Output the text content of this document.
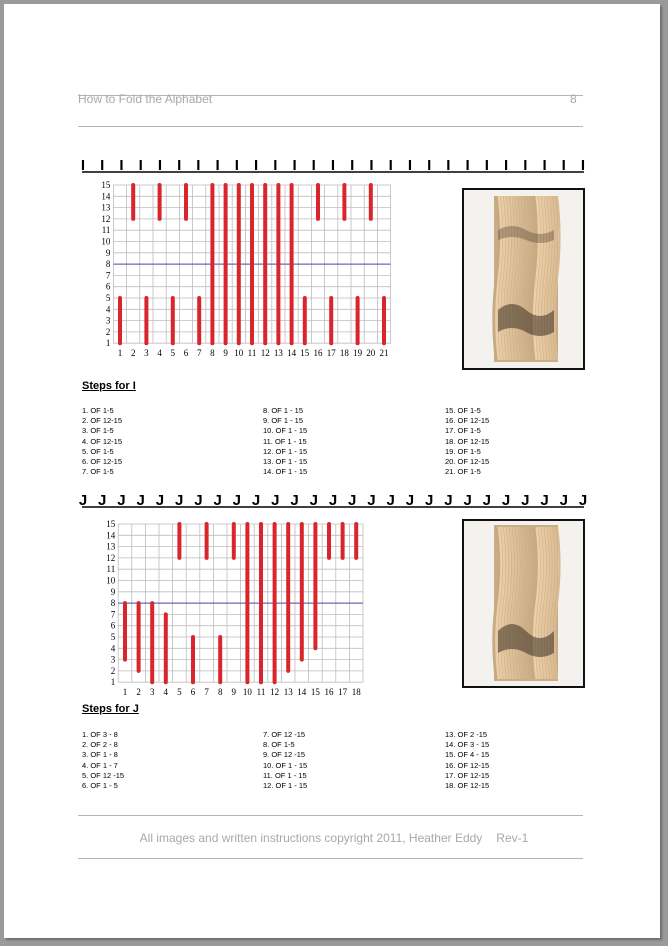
How to Fold the Alphabet	8
I I I I I I I I I I I I I I I I I I I I I I I I I I I
1
2
3
4
5
6
7
8
9
10
11
12
13
14
15
1 2 3 4 5 6 7 8 9 10 11 12 13 14 15 16 17 18 19 20 21
Steps for I
1. OF 1-5
2. OF 12-15
3. OF 1-5
4. OF 12-15
5. OF 1-5
6. OF 12-15
7. OF 1-5
8. OF 1 - 15
9. OF 1 - 15
10. OF 1 - 15
11. OF 1 - 15
12. OF 1 - 15
13. OF 1 - 15
14. OF 1 - 15
15. OF 1-5
16. OF 12-15
17. OF 1-5
18. OF 12-15
19. OF 1-5
20. OF 12-15
21. OF 1-5
J J J J J J J J J J J J J J J J J J J J J J J J J J J
1
2
3
4
5
6
7
8
9
10
11
12
13
14
15
1 2 3 4 5 6 7 8 9 10 11 12 13 14 15 16 17 18
Steps for J
1. OF 3 - 8
2. OF 2 - 8
3. OF 1 - 8
4. OF 1 - 7
5. OF 12 -15
6. OF 1 - 5
7. OF 12 -15
8. OF 1-5
9. OF 12 -15
10. OF 1 - 15
11. OF 1 - 15
12. OF 1 - 15
13. OF 2 -15
14. OF 3 - 15
15. OF 4 - 15
16. OF 12-15
17. OF 12-15
18. OF 12-15
All images and written instructions copyright 2011, Heather Eddy Rev-1
